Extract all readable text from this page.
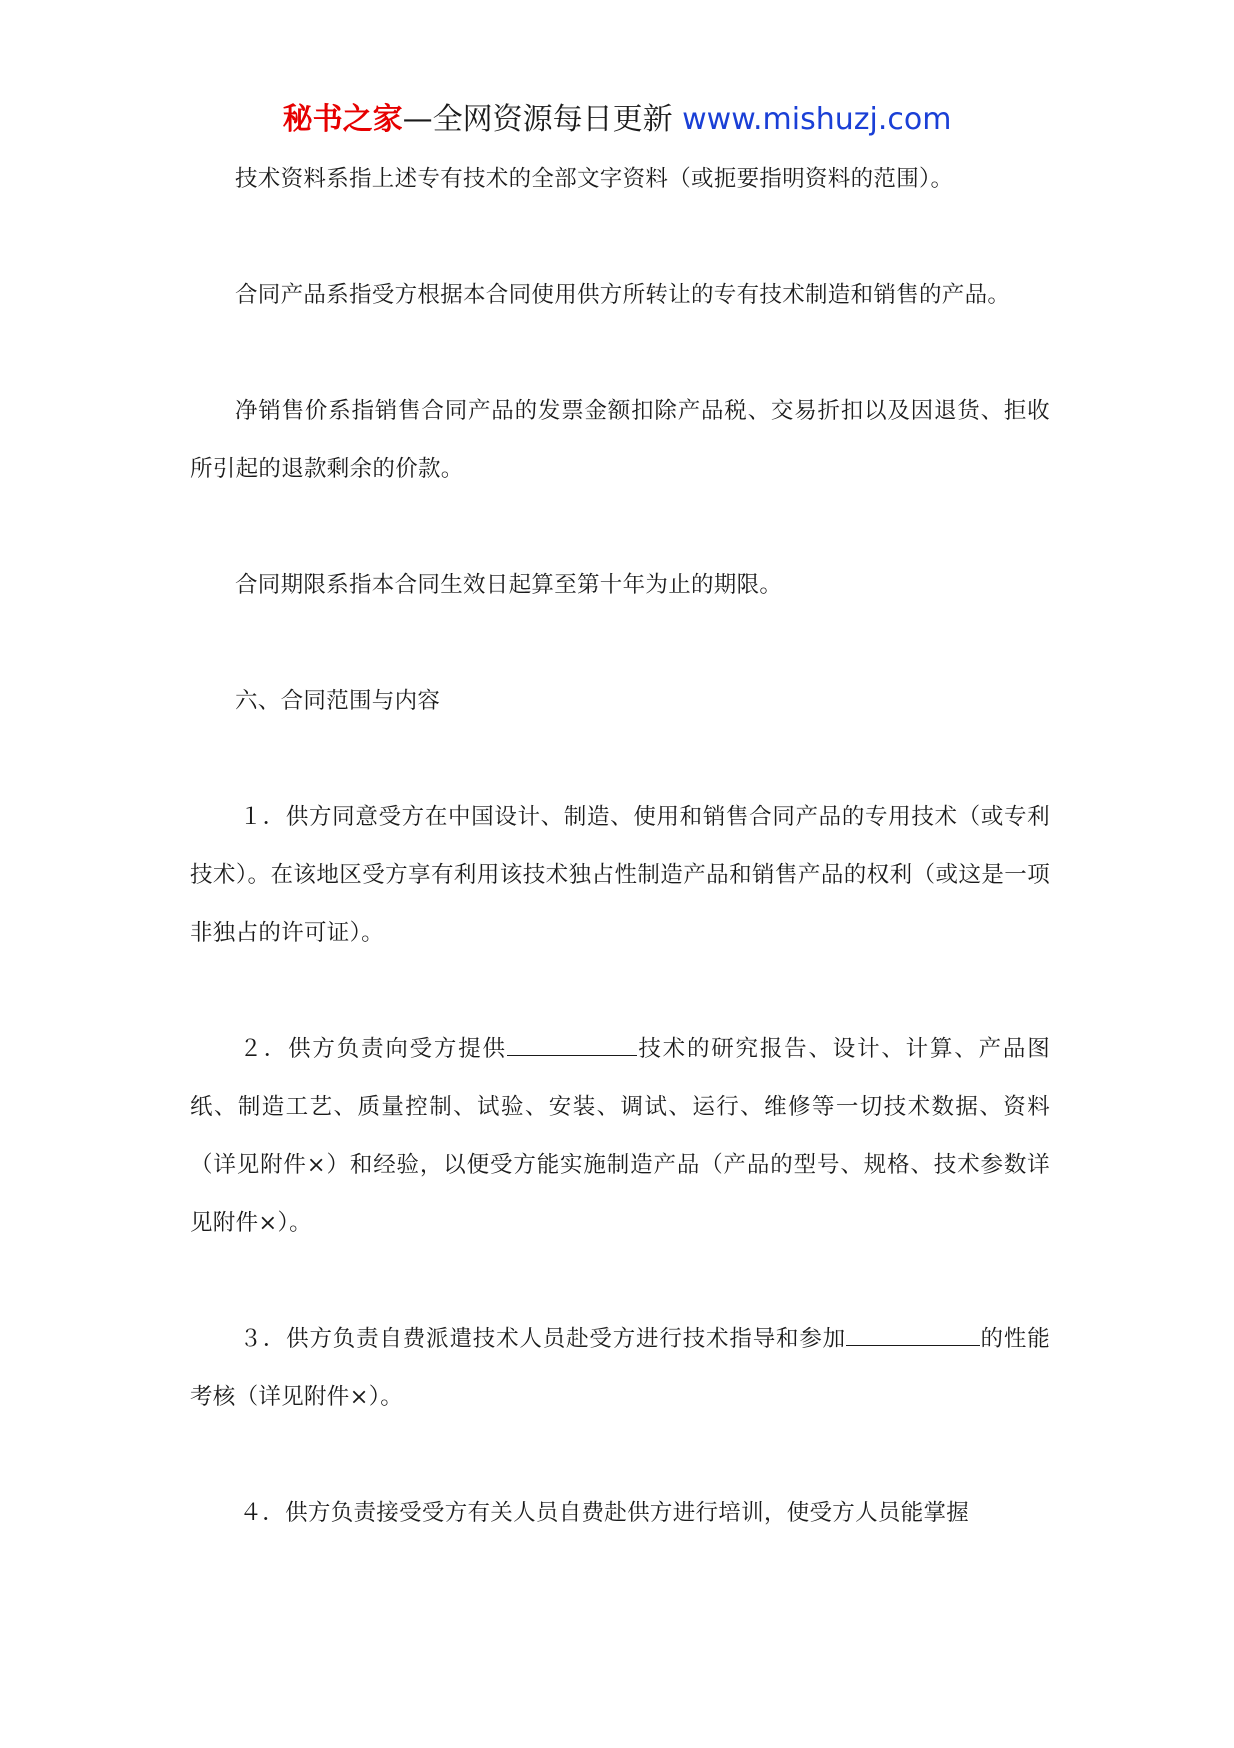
秘书之家—全网资源每日更新 www.mishuzj.com

技术资料系指上述专有技术的全部文字资料（或扼要指明资料的范围）。

合同产品系指受方根据本合同使用供方所转让的专有技术制造和销售的产品。

净销售价系指销售合同产品的发票金额扣除产品税、交易折扣以及因退货、拒收所引起的退款剩余的价款。

合同期限系指本合同生效日起算至第十年为止的期限。

六、合同范围与内容

１．供方同意受方在中国设计、制造、使用和销售合同产品的专用技术（或专利技术）。在该地区受方享有利用该技术独占性制造产品和销售产品的权利（或这是一项非独占的许可证）。

２．供方负责向受方提供	技术的研究报告、设计、计算、产品图纸、制造工艺、质量控制、试验、安装、调试、运行、维修等一切技术数据、资料（详见附件×）和经验，以便受方能实施制造产品（产品的型号、规格、技术参数详见附件×）。

３．供方负责自费派遣技术人员赴受方进行技术指导和参加	的性能考核（详见附件×）。

４．供方负责接受受方有关人员自费赴供方进行培训，使受方人员能掌握
